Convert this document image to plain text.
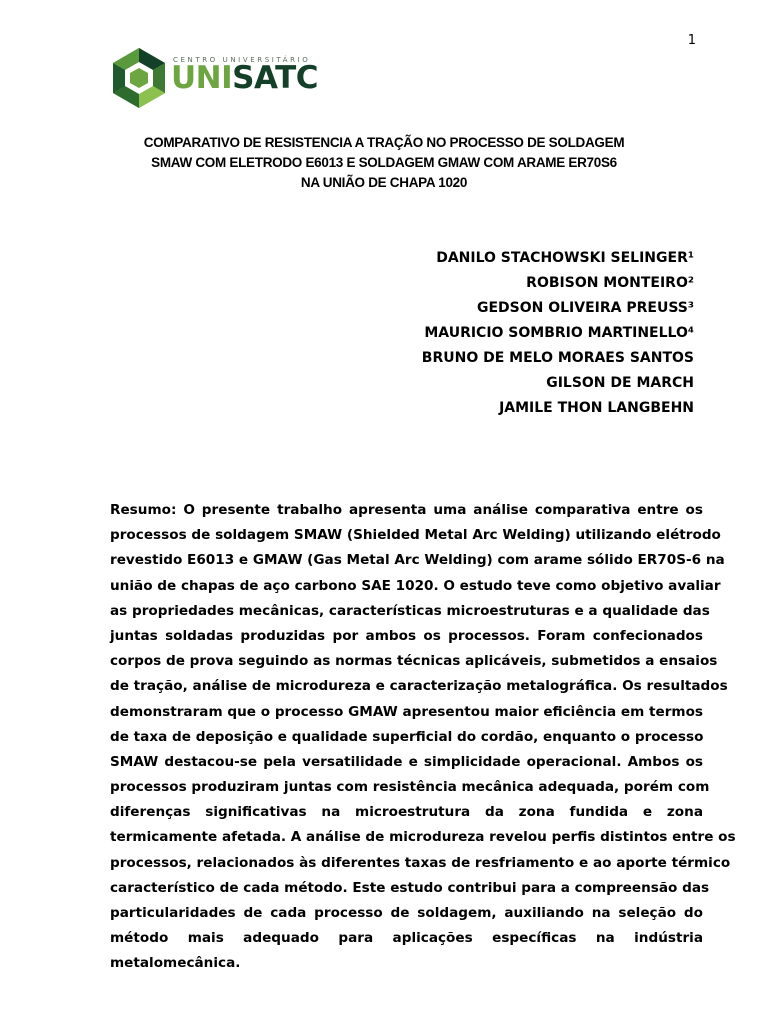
1
CENTRO UNIVERSITÁRIO
UNISATC
COMPARATIVO DE RESISTENCIA A TRAÇÃO NO PROCESSO DE SOLDAGEM
SMAW COM ELETRODO E6013 E SOLDAGEM GMAW COM ARAME ER70S6
NA UNIÃO DE CHAPA 1020
DANILO STACHOWSKI SELINGER¹
ROBISON MONTEIRO²
GEDSON OLIVEIRA PREUSS³
MAURICIO SOMBRIO MARTINELLO⁴
BRUNO DE MELO MORAES SANTOS
GILSON DE MARCH
JAMILE THON LANGBEHN
Resumo: O presente trabalho apresenta uma análise comparativa entre os
processos de soldagem SMAW (Shielded Metal Arc Welding) utilizando elétrodo
revestido E6013 e GMAW (Gas Metal Arc Welding) com arame sólido ER70S-6 na
união de chapas de aço carbono SAE 1020. O estudo teve como objetivo avaliar
as propriedades mecânicas, características microestruturas e a qualidade das
juntas soldadas produzidas por ambos os processos. Foram confecionados
corpos de prova seguindo as normas técnicas aplicáveis, submetidos a ensaios
de tração, análise de microdureza e caracterização metalográfica. Os resultados
demonstraram que o processo GMAW apresentou maior eficiência em termos
de taxa de deposição e qualidade superficial do cordão, enquanto o processo
SMAW destacou-se pela versatilidade e simplicidade operacional. Ambos os
processos produziram juntas com resistência mecânica adequada, porém com
diferenças significativas na microestrutura da zona fundida e zona
termicamente afetada. A análise de microdureza revelou perfis distintos entre os
processos, relacionados às diferentes taxas de resfriamento e ao aporte térmico
característico de cada método. Este estudo contribui para a compreensão das
particularidades de cada processo de soldagem, auxiliando na seleção do
método mais adequado para aplicações específicas na indústria
metalomecânica.
